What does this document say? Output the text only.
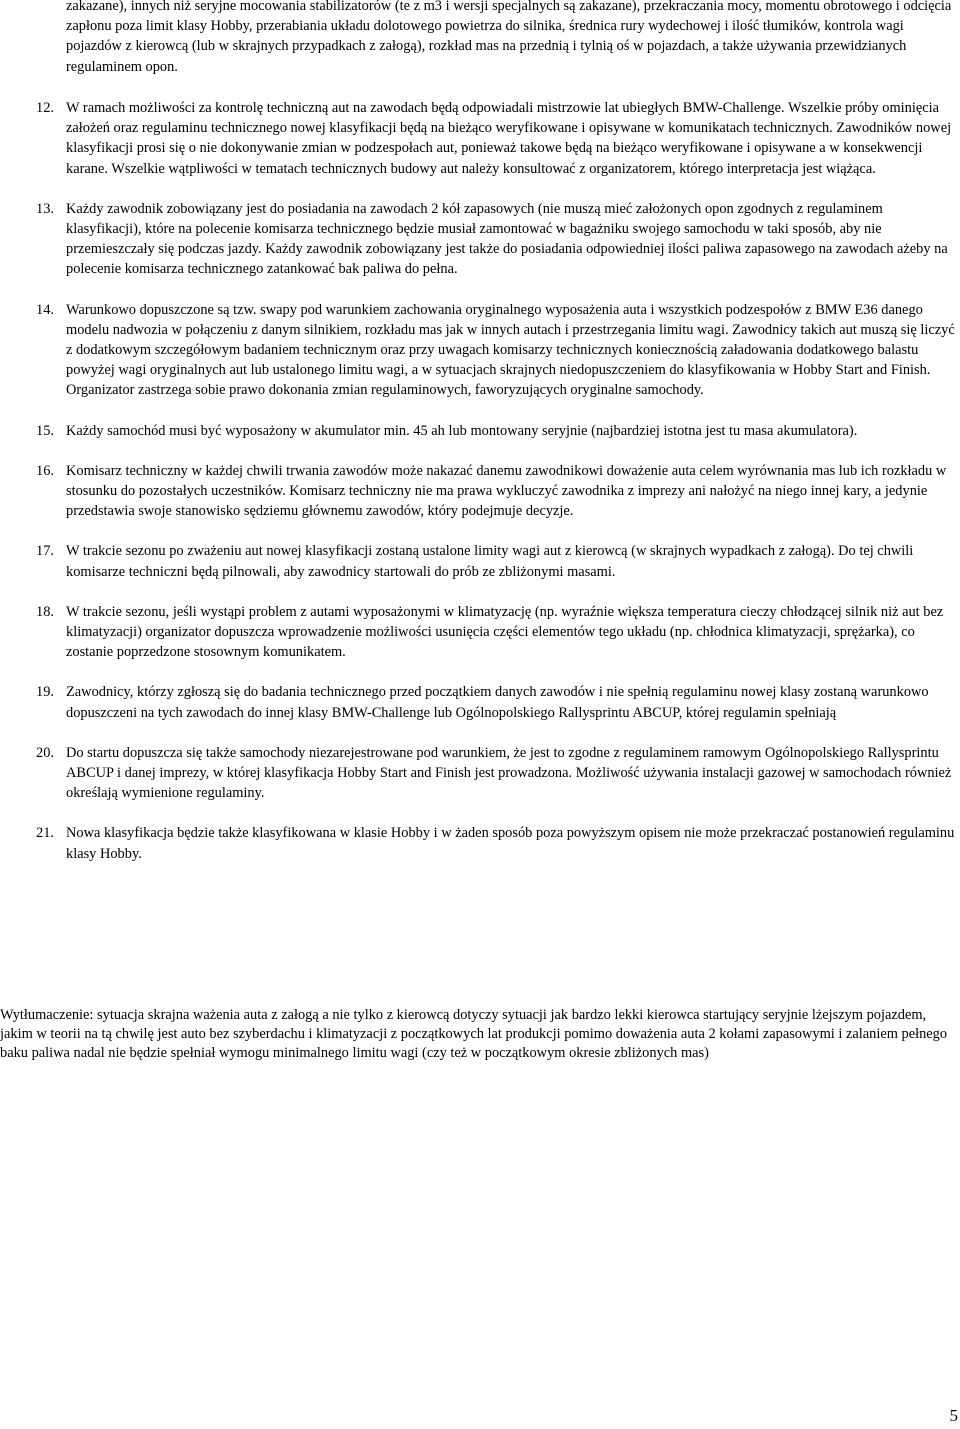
zakazane), innych niż seryjne mocowania stabilizatorów (te z m3 i wersji specjalnych są zakazane), przekraczania mocy, momentu obrotowego i odcięcia zapłonu poza limit klasy Hobby, przerabiania układu dolotowego powietrza do silnika, średnica rury wydechowej i ilość tłumików, kontrola wagi pojazdów z kierowcą (lub w skrajnych przypadkach z załogą), rozkład mas na przednią i tylnią oś w pojazdach, a także używania przewidzianych regulaminem opon.

12. W ramach możliwości za kontrolę techniczną aut na zawodach będą odpowiadali mistrzowie lat ubiegłych BMW-Challenge. Wszelkie próby ominięcia założeń oraz regulaminu technicznego nowej klasyfikacji będą na bieżąco weryfikowane i opisywane w komunikatach technicznych. Zawodników nowej klasyfikacji prosi się o nie dokonywanie zmian w podzespołach aut, ponieważ takowe będą na bieżąco weryfikowane i opisywane a w konsekwencji karane. Wszelkie wątpliwości w tematach technicznych budowy aut należy konsultować z organizatorem, którego interpretacja jest wiążąca.
13. Każdy zawodnik zobowiązany jest do posiadania na zawodach 2 kół zapasowych (nie muszą mieć założonych opon zgodnych z regulaminem klasyfikacji), które na polecenie komisarza technicznego będzie musiał zamontować w bagażniku swojego samochodu w taki sposób, aby nie przemieszczały się podczas jazdy. Każdy zawodnik zobowiązany jest także do posiadania odpowiedniej ilości paliwa zapasowego na zawodach ażeby na polecenie komisarza technicznego zatankować bak paliwa do pełna.
14. Warunkowo dopuszczone są tzw. swapy pod warunkiem zachowania oryginalnego wyposażenia auta i wszystkich podzespołów z BMW E36 danego modelu nadwozia w połączeniu z danym silnikiem, rozkładu mas jak w innych autach i przestrzegania limitu wagi. Zawodnicy takich aut muszą się liczyć z dodatkowym szczegółowym badaniem technicznym oraz przy uwagach komisarzy technicznych koniecznością załadowania dodatkowego balastu powyżej wagi oryginalnych aut lub ustalonego limitu wagi, a w sytuacjach skrajnych niedopuszczeniem do klasyfikowania w Hobby Start and Finish. Organizator zastrzega sobie prawo dokonania zmian regulaminowych, faworyzujących oryginalne samochody.
15. Każdy samochód musi być wyposażony w akumulator min. 45 ah lub montowany seryjnie (najbardziej istotna jest tu masa akumulatora).
16. Komisarz techniczny w każdej chwili trwania zawodów może nakazać danemu zawodnikowi doważenie auta celem wyrównania mas lub ich rozkładu w stosunku do pozostałych uczestników. Komisarz techniczny nie ma prawa wykluczyć zawodnika z imprezy ani nałożyć na niego innej kary, a jedynie przedstawia swoje stanowisko sędziemu głównemu zawodów, który podejmuje decyzje.
17. W trakcie sezonu po zważeniu aut nowej klasyfikacji zostaną ustalone limity wagi aut z kierowcą (w skrajnych wypadkach z załogą). Do tej chwili komisarze techniczni będą pilnowali, aby zawodnicy startowali do prób ze zbliżonymi masami.
18. W trakcie sezonu, jeśli wystąpi problem z autami wyposażonymi w klimatyzację (np. wyraźnie większa temperatura cieczy chłodzącej silnik niż aut bez klimatyzacji) organizator dopuszcza wprowadzenie możliwości usunięcia części elementów tego układu (np. chłodnica klimatyzacji, sprężarka), co zostanie poprzedzone stosownym komunikatem.
19. Zawodnicy, którzy zgłoszą się do badania technicznego przed początkiem danych zawodów i nie spełnią regulaminu nowej klasy zostaną warunkowo dopuszczeni na tych zawodach do innej klasy BMW-Challenge lub Ogólnopolskiego Rallysprintu ABCUP, której regulamin spełniają
20. Do startu dopuszcza się także samochody niezarejestrowane pod warunkiem, że jest to zgodne z regulaminem ramowym Ogólnopolskiego Rallysprintu ABCUP i danej imprezy, w której klasyfikacja Hobby Start and Finish jest prowadzona. Możliwość używania instalacji gazowej w samochodach również określają wymienione regulaminy.
21. Nowa klasyfikacja będzie także klasyfikowana w klasie Hobby i w żaden sposób poza powyższym opisem nie może przekraczać postanowień regulaminu klasy Hobby.

Wytłumaczenie: sytuacja skrajna ważenia auta z załogą a nie tylko z kierowcą dotyczy sytuacji jak bardzo lekki kierowca startujący seryjnie lżejszym pojazdem, jakim w teorii na tą chwilę jest auto bez szyberdachu i klimatyzacji z początkowych lat produkcji pomimo doważenia auta 2 kołami zapasowymi i zalaniem pełnego baku paliwa nadal nie będzie spełniał wymogu minimalnego limitu wagi (czy też w początkowym okresie zbliżonych mas)

5
